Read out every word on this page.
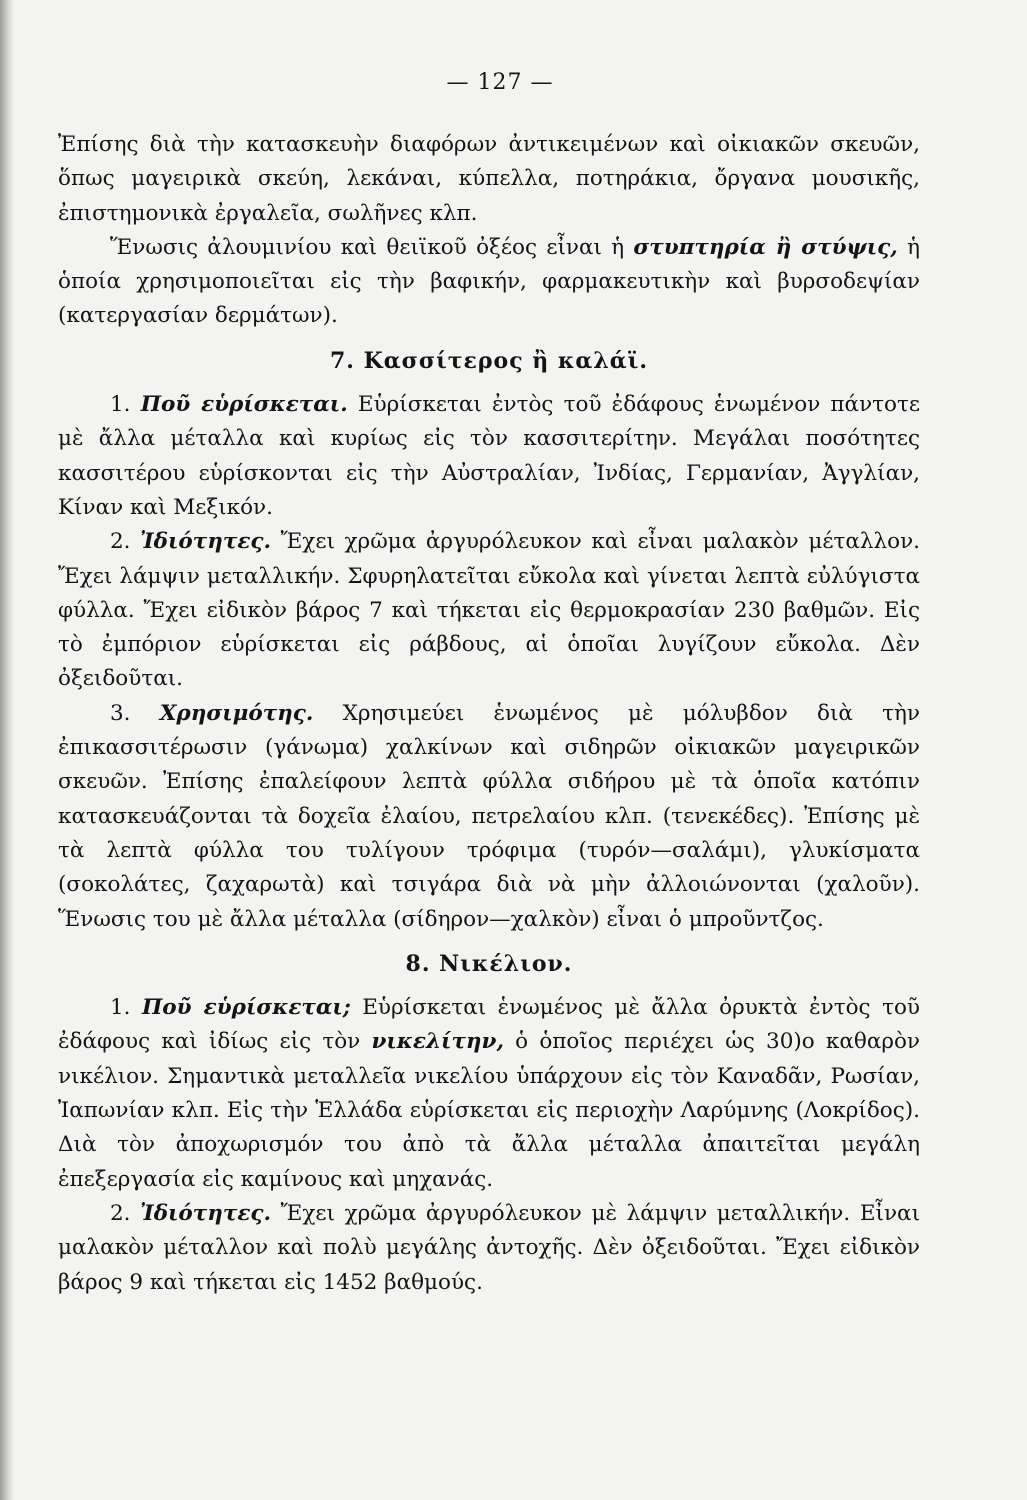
— 127 —

Ἐπίσης διὰ τὴν κατασκευὴν διαφόρων ἀντικειμένων καὶ οἰκιακῶν σκευῶν, ὅπως μαγειρικὰ σκεύη, λεκάναι, κύπελλα, ποτηράκια, ὄργανα μουσικῆς, ἐπιστημονικὰ ἐργαλεῖα, σωλῆνες κλπ.

Ἕνωσις ἀλουμινίου καὶ θειϊκοῦ ὀξέος εἶναι ἡ στυπτηρία ἢ στύψις, ἡ ὁποία χρησιμοποιεῖται εἰς τὴν βαφικήν, φαρμακευτικὴν καὶ βυρσοδεψίαν (κατεργασίαν δερμάτων).

7. Κασσίτερος ἢ καλάϊ.

1. Ποῦ εὑρίσκεται. Εὑρίσκεται ἐντὸς τοῦ ἐδάφους ἑνωμένον πάντοτε μὲ ἄλλα μέταλλα καὶ κυρίως εἰς τὸν κασσιτερίτην. Μεγάλαι ποσότητες κασσιτέρου εὑρίσκονται εἰς τὴν Αὐστραλίαν, Ἰνδίας, Γερμανίαν, Ἀγγλίαν, Κίναν καὶ Μεξικόν.

2. Ἰδιότητες. Ἔχει χρῶμα ἀργυρόλευκον καὶ εἶναι μαλακὸν μέταλλον. Ἔχει λάμψιν μεταλλικήν. Σφυρηλατεῖται εὔκολα καὶ γίνεται λεπτὰ εὐλύγιστα φύλλα. Ἔχει εἰδικὸν βάρος 7 καὶ τήκεται εἰς θερμοκρασίαν 230 βαθμῶν. Εἰς τὸ ἐμπόριον εὑρίσκεται εἰς ράβδους, αἱ ὁποῖαι λυγίζουν εὔκολα. Δὲν ὀξειδοῦται.

3. Χρησιμότης. Χρησιμεύει ἑνωμένος μὲ μόλυβδον διὰ τὴν ἐπικασσιτέρωσιν (γάνωμα) χαλκίνων καὶ σιδηρῶν οἰκιακῶν μαγειρικῶν σκευῶν. Ἐπίσης ἐπαλείφουν λεπτὰ φύλλα σιδήρου μὲ τὰ ὁποῖα κατόπιν κατασκευάζονται τὰ δοχεῖα ἐλαίου, πετρελαίου κλπ. (τενεκέδες). Ἐπίσης μὲ τὰ λεπτὰ φύλλα του τυλίγουν τρόφιμα (τυρόν—σαλάμι), γλυκίσματα (σοκολάτες, ζαχαρωτὰ) καὶ τσιγάρα διὰ νὰ μὴν ἀλλοιώνονται (χαλοῦν). Ἕνωσις του μὲ ἄλλα μέταλλα (σίδηρον—χαλκὸν) εἶναι ὁ μπροῦντζος.

8. Νικέλιον.

1. Ποῦ εὑρίσκεται; Εὑρίσκεται ἑνωμένος μὲ ἄλλα ὀρυκτὰ ἐντὸς τοῦ ἐδάφους καὶ ἰδίως εἰς τὸν νικελίτην, ὁ ὁποῖος περιέχει ὡς 30)ο καθαρὸν νικέλιον. Σημαντικὰ μεταλλεῖα νικελίου ὑπάρχουν εἰς τὸν Καναδᾶν, Ρωσίαν, Ἰαπωνίαν κλπ. Εἰς τὴν Ἑλλάδα εὑρίσκεται εἰς περιοχὴν Λαρύμνης (Λοκρίδος). Διὰ τὸν ἀποχωρισμόν του ἀπὸ τὰ ἄλλα μέταλλα ἀπαιτεῖται μεγάλη ἐπεξεργασία εἰς καμίνους καὶ μηχανάς.

2. Ἰδιότητες. Ἔχει χρῶμα ἀργυρόλευκον μὲ λάμψιν μεταλλικήν. Εἶναι μαλακὸν μέταλλον καὶ πολὺ μεγάλης ἀντοχῆς. Δὲν ὀξειδοῦται. Ἔχει εἰδικὸν βάρος 9 καὶ τήκεται εἰς 1452 βαθμούς.
